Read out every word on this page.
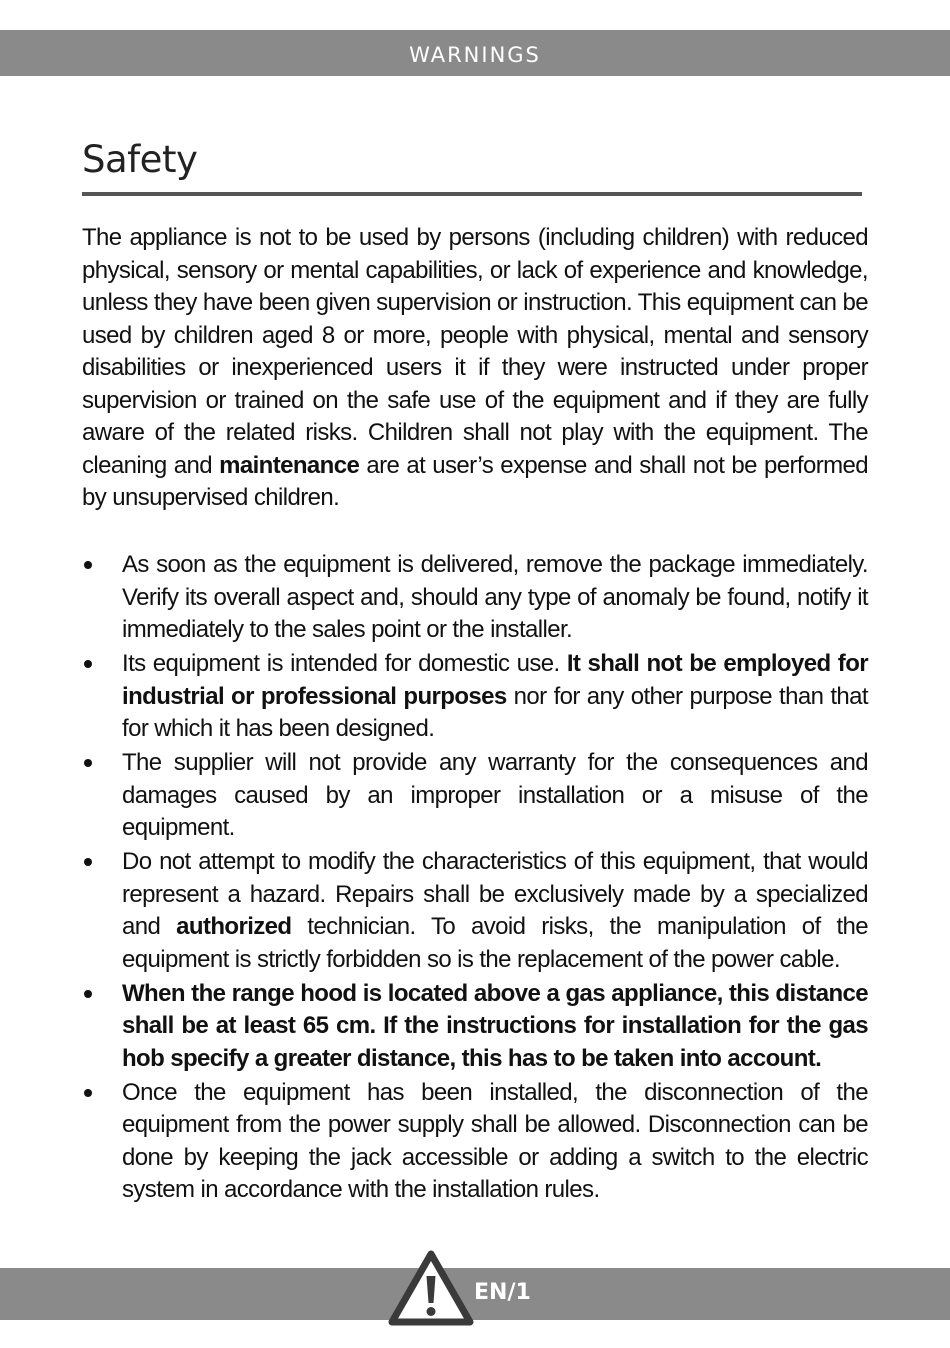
WARNINGS
Safety

The appliance is not to be used by persons (including children) with reduced physical, sensory or mental capabilities, or lack of experience and knowledge, unless they have been given supervision or instruction. This equipment can be used by children aged 8 or more, people with physical, mental and sensory disabilities or inexperienced users it if they were instructed under proper supervision or trained on the safe use of the equipment and if they are fully aware of the related risks. Children shall not play with the equipment. The cleaning and maintenance are at user’s expense and shall not be performed by unsupervised children.

As soon as the equipment is delivered, remove the package immediately. Verify its overall aspect and, should any type of anomaly be found, notify it immediately to the sales point or the installer.
Its equipment is intended for domestic use. It shall not be employed for industrial or professional purposes nor for any other purpose than that for which it has been designed.
The supplier will not provide any warranty for the consequences and damages caused by an improper installation or a misuse of the equipment.
Do not attempt to modify the characteristics of this equipment, that would represent a hazard. Repairs shall be exclusively made by a specialized and authorized technician. To avoid risks, the manipulation of the equipment is strictly forbidden so is the replacement of the power cable.
When the range hood is located above a gas appliance, this distance shall be at least 65 cm. If the instructions for installation for the gas hob specify a greater distance, this has to be taken into account.
Once the equipment has been installed, the disconnection of the equipment from the power supply shall be allowed. Disconnection can be done by keeping the jack accessible or adding a switch to the electric system in accordance with the installation rules.
EN/1
